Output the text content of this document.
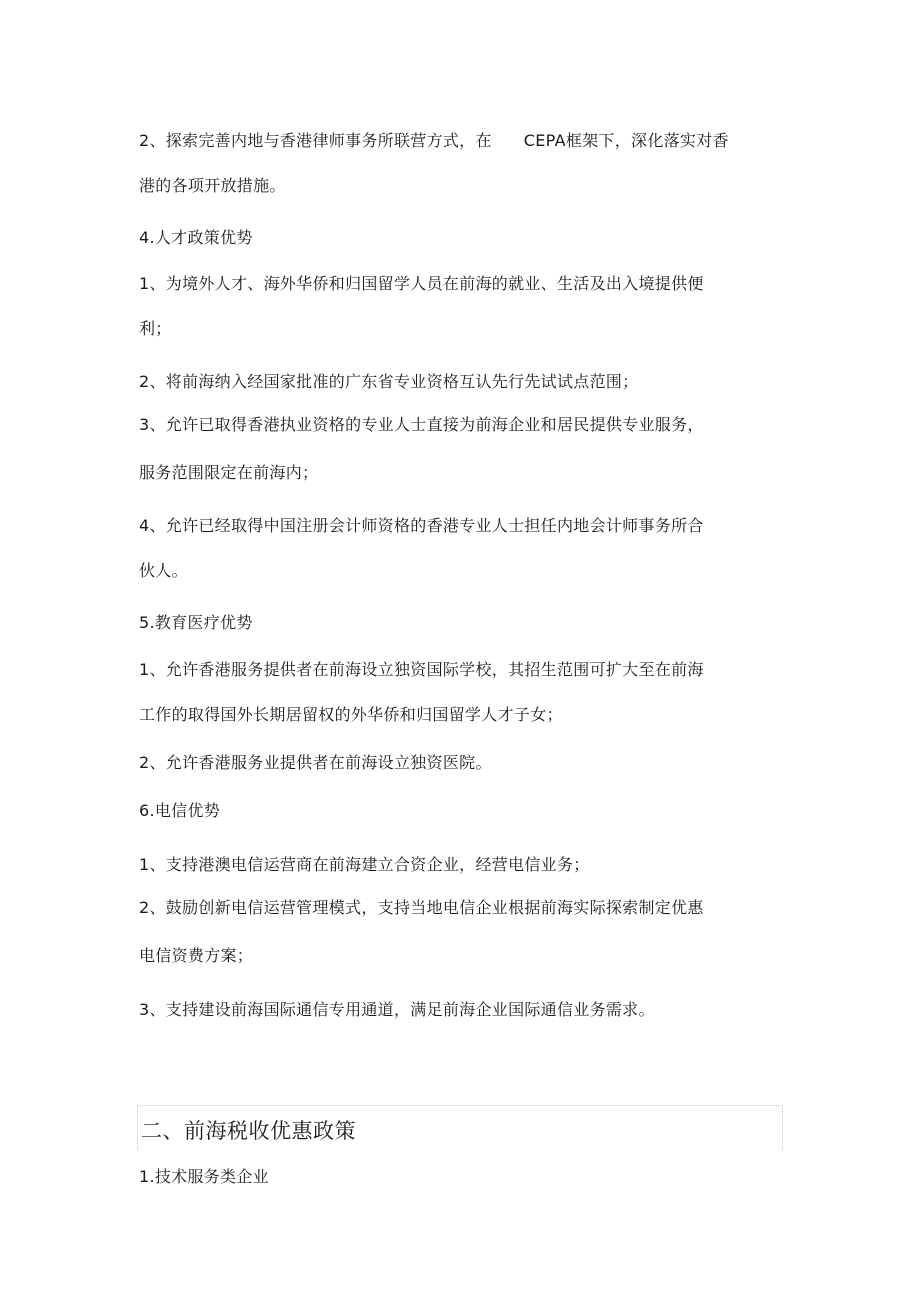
2、探索完善内地与香港律师事务所联营方式，在 CEPA框架下，深化落实对香
港的各项开放措施。
4.人才政策优势
1、为境外人才、海外华侨和归国留学人员在前海的就业、生活及出入境提供便
利；
2、将前海纳入经国家批准的广东省专业资格互认先行先试试点范围；
3、允许已取得香港执业资格的专业人士直接为前海企业和居民提供专业服务，
服务范围限定在前海内；
4、允许已经取得中国注册会计师资格的香港专业人士担任内地会计师事务所合
伙人。
5.教育医疗优势
1、允许香港服务提供者在前海设立独资国际学校，其招生范围可扩大至在前海
工作的取得国外长期居留权的外华侨和归国留学人才子女；
2、允许香港服务业提供者在前海设立独资医院。
6.电信优势
1、支持港澳电信运营商在前海建立合资企业，经营电信业务；
2、鼓励创新电信运营管理模式，支持当地电信企业根据前海实际探索制定优惠
电信资费方案；
3、支持建设前海国际通信专用通道，满足前海企业国际通信业务需求。
二、前海税收优惠政策
1.技术服务类企业
